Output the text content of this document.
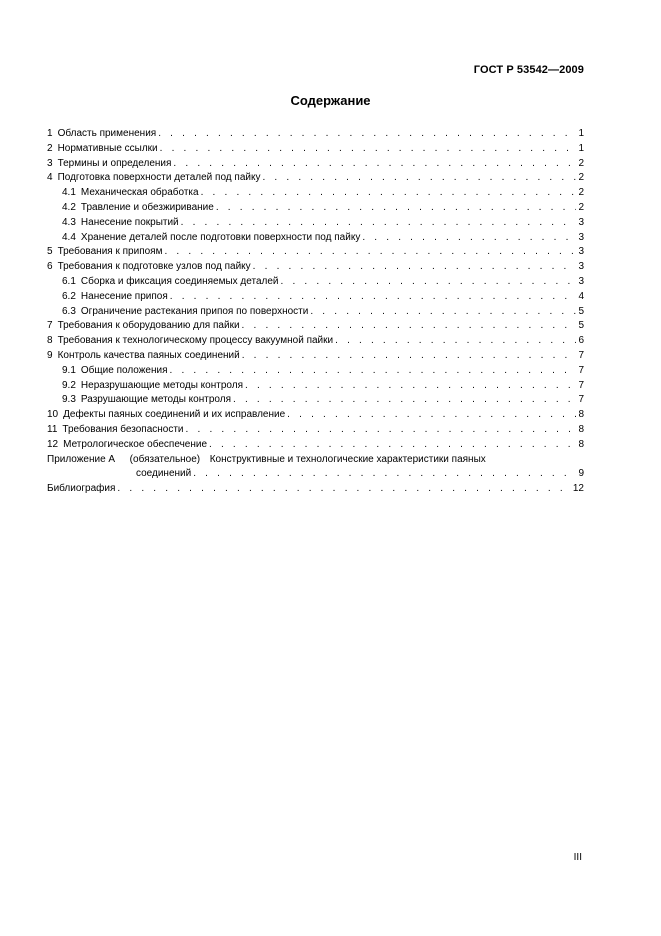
ГОСТ Р 53542—2009
Содержание
1 Область применения . . .	1
2 Нормативные ссылки . . .	1
3 Термины и определения . . .	2
4 Подготовка поверхности деталей под пайку . . .	2
4.1 Механическая обработка . . .	2
4.2 Травление и обезжиривание . . .	2
4.3 Нанесение покрытий . . .	3
4.4 Хранение деталей после подготовки поверхности под пайку . . .	3
5 Требования к припоям . . .	3
6 Требования к подготовке узлов под пайку . . .	3
6.1 Сборка и фиксация соединяемых деталей . . .	3
6.2 Нанесение припоя . . .	4
6.3 Ограничение растекания припоя по поверхности . . .	5
7 Требования к оборудованию для пайки . . .	5
8 Требования к технологическому процессу вакуумной пайки . . .	6
9 Контроль качества паяных соединений . . .	7
9.1 Общие положения . . .	7
9.2 Неразрушающие методы контроля . . .	7
9.3 Разрушающие методы контроля . . .	7
10 Дефекты паяных соединений и их исправление . . .	8
11 Требования безопасности . . .	8
12 Метрологическое обеспечение . . .	8
Приложение А (обязательное) Конструктивные и технологические характеристики паяных
соединений . . .	9
Библиография . . .	12
III
